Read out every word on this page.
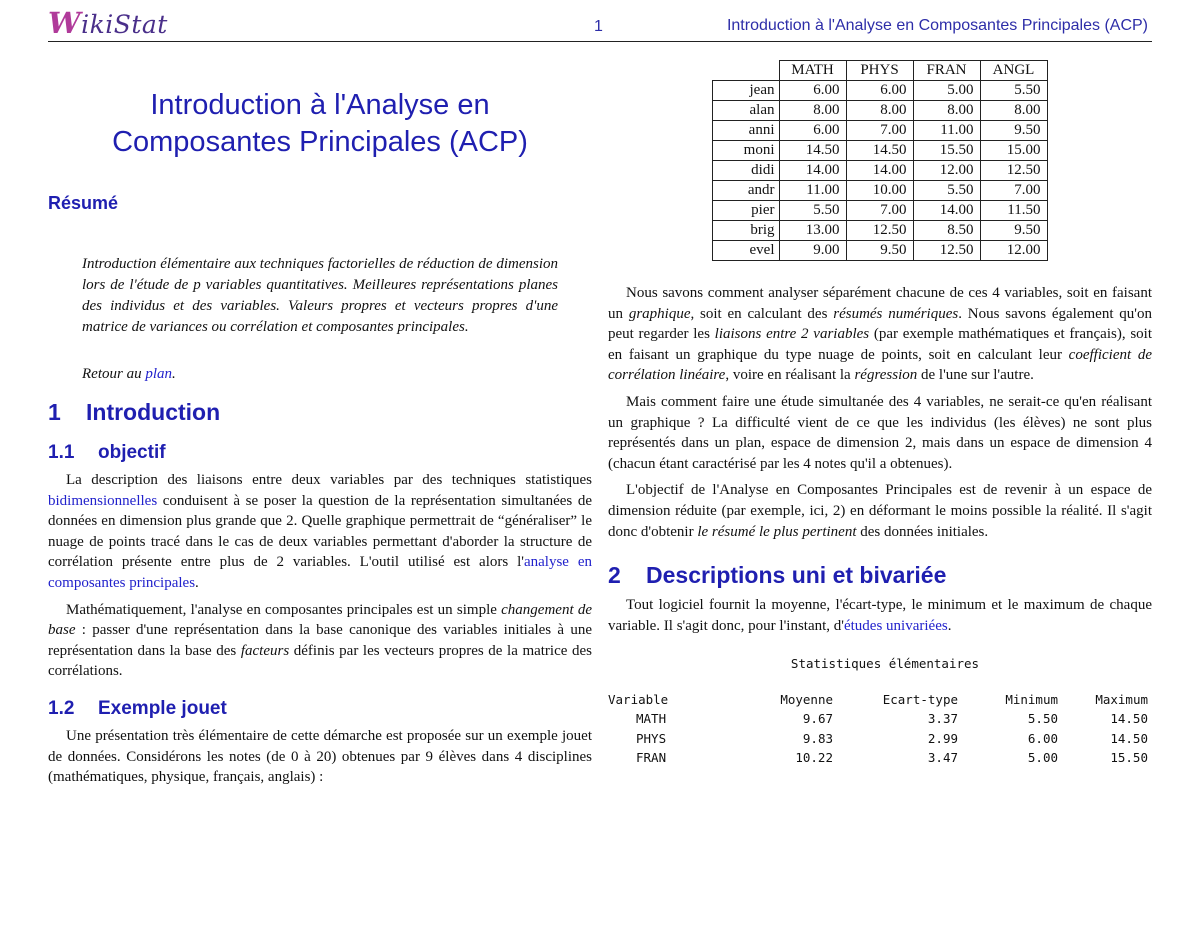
WikiStat	1	Introduction à l'Analyse en Composantes Principales (ACP)
Introduction à l'Analyse en
Composantes Principales (ACP)
Résumé
Introduction élémentaire aux techniques factorielles de réduction de dimension lors de l'étude de p variables quantitatives. Meilleures représentations planes des individus et des variables. Valeurs propres et vecteurs propres d'une matrice de variances ou corrélation et composantes principales.
Retour au plan.
1 Introduction
1.1 objectif

La description des liaisons entre deux variables par des techniques statistiques bidimensionnelles conduisent à se poser la question de la représentation simultanées de données en dimension plus grande que 2. Quelle graphique permettrait de “généraliser” le nuage de points tracé dans le cas de deux variables permettant d'aborder la structure de corrélation présente entre plus de 2 variables. L'outil utilisé est alors l'analyse en composantes principales.

Mathématiquement, l'analyse en composantes principales est un simple changement de base : passer d'une représentation dans la base canonique des variables initiales à une représentation dans la base des facteurs définis par les vecteurs propres de la matrice des corrélations.

1.2 Exemple jouet

Une présentation très élémentaire de cette démarche est proposée sur un exemple jouet de données. Considérons les notes (de 0 à 20) obtenues par 9 élèves dans 4 disciplines (mathématiques, physique, français, anglais) :

	MATH	PHYS	FRAN	ANGL
jean	6.00	6.00	5.00	5.50
alan	8.00	8.00	8.00	8.00
anni	6.00	7.00	11.00	9.50
moni	14.50	14.50	15.50	15.00
didi	14.00	14.00	12.00	12.50
andr	11.00	10.00	5.50	7.00
pier	5.50	7.00	14.00	11.50
brig	13.00	12.50	8.50	9.50
evel	9.00	9.50	12.50	12.00

Nous savons comment analyser séparément chacune de ces 4 variables, soit en faisant un graphique, soit en calculant des résumés numériques. Nous savons également qu'on peut regarder les liaisons entre 2 variables (par exemple mathématiques et français), soit en faisant un graphique du type nuage de points, soit en calculant leur coefficient de corrélation linéaire, voire en réalisant la régression de l'une sur l'autre.

Mais comment faire une étude simultanée des 4 variables, ne serait-ce qu'en réalisant un graphique ? La difficulté vient de ce que les individus (les élèves) ne sont plus représentés dans un plan, espace de dimension 2, mais dans un espace de dimension 4 (chacun étant caractérisé par les 4 notes qu'il a obtenues).

L'objectif de l'Analyse en Composantes Principales est de revenir à un espace de dimension réduite (par exemple, ici, 2) en déformant le moins possible la réalité. Il s'agit donc d'obtenir le résumé le plus pertinent des données initiales.

2 Descriptions uni et bivariée

Tout logiciel fournit la moyenne, l'écart-type, le minimum et le maximum de chaque variable. Il s'agit donc, pour l'instant, d'études univariées.

Statistiques élémentaires
Variable	Moyenne	Ecart-type	Minimum	Maximum
MATH	9.67	3.37	5.50	14.50
PHYS	9.83	2.99	6.00	14.50
FRAN	10.22	3.47	5.00	15.50
